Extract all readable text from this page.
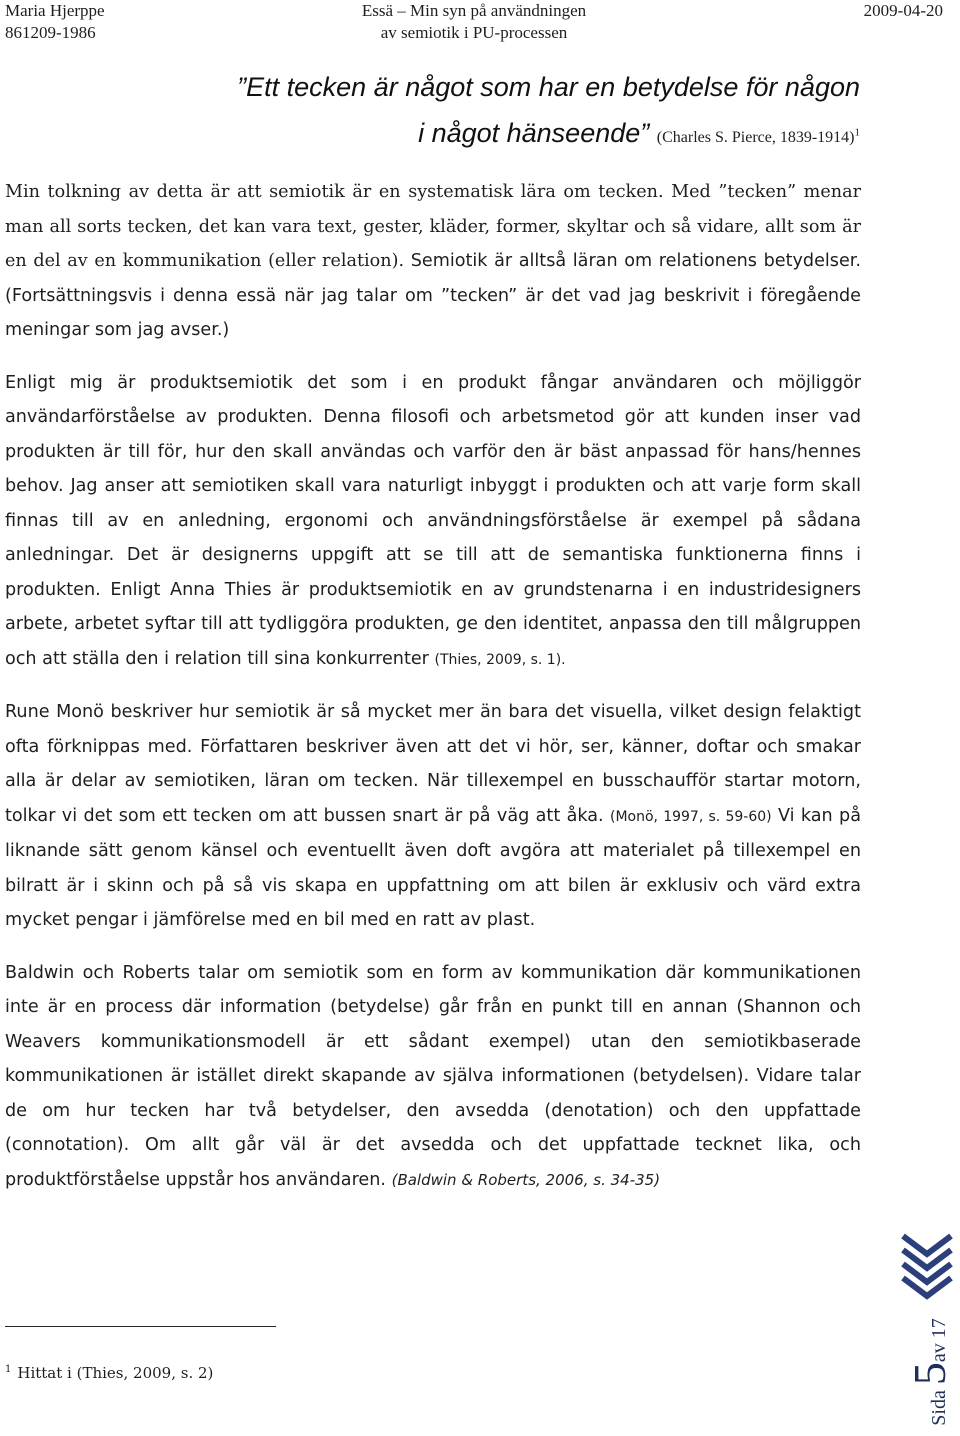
Maria Hjerppe
861209-1986
Essä – Min syn på användningen
av semiotik i PU-processen
2009-04-20
”Ett tecken är något som har en betydelse för någon
i något hänseende” (Charles S. Pierce, 1839-1914)$^1$

Min tolkning av detta är att semiotik är en systematisk lära om tecken. Med ”tecken” menar man all sorts tecken, det kan vara text, gester, kläder, former, skyltar och så vidare, allt som är en del av en kommunikation (eller relation). Semiotik är alltså läran om relationens betydelser. (Fortsättningsvis i denna essä när jag talar om ”tecken” är det vad jag beskrivit i föregående meningar som jag avser.)

Enligt mig är produktsemiotik det som i en produkt fångar användaren och möjliggör användarförståelse av produkten. Denna filosofi och arbetsmetod gör att kunden inser vad produkten är till för, hur den skall användas och varför den är bäst anpassad för hans/hennes behov. Jag anser att semiotiken skall vara naturligt inbyggt i produkten och att varje form skall finnas till av en anledning, ergonomi och användningsförståelse är exempel på sådana anledningar. Det är designerns uppgift att se till att de semantiska funktionerna finns i produkten. Enligt Anna Thies är produktsemiotik en av grundstenarna i en industridesigners arbete, arbetet syftar till att tydliggöra produkten, ge den identitet, anpassa den till målgruppen och att ställa den i relation till sina konkurrenter (Thies, 2009, s. 1).

Rune Monö beskriver hur semiotik är så mycket mer än bara det visuella, vilket design felaktigt ofta förknippas med. Författaren beskriver även att det vi hör, ser, känner, doftar och smakar alla är delar av semiotiken, läran om tecken. När tillexempel en busschaufför startar motorn, tolkar vi det som ett tecken om att bussen snart är på väg att åka. (Monö, 1997, s. 59-60) Vi kan på liknande sätt genom känsel och eventuellt även doft avgöra att materialet på tillexempel en bilratt är i skinn och på så vis skapa en uppfattning om att bilen är exklusiv och värd extra mycket pengar i jämförelse med en bil med en ratt av plast.

Baldwin och Roberts talar om semiotik som en form av kommunikation där kommunikationen inte är en process där information (betydelse) går från en punkt till en annan (Shannon och Weavers kommunikationsmodell är ett sådant exempel) utan den semiotikbaserade kommunikationen är istället direkt skapande av själva informationen (betydelsen). Vidare talar de om hur tecken har två betydelser, den avsedda (denotation) och den uppfattade (connotation). Om allt går väl är det avsedda och det uppfattade tecknet lika, och produktförståelse uppstår hos användaren. (Baldwin & Roberts, 2006, s. 34-35)

$^1$ Hittat i (Thies, 2009, s. 2)
Sida 5av 17
